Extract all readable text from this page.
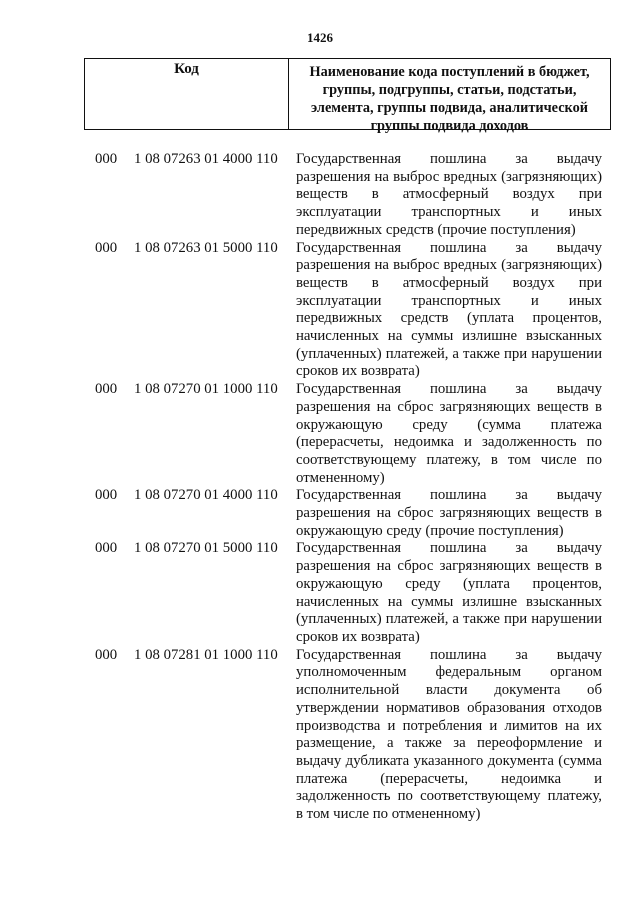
1426
Код	Наименование кода поступлений в бюджет, группы, подгруппы, статьи, подстатьи, элемента, группы подвида, аналитической группы подвида доходов
000 1 08 07263 01 4000 110 Государственная пошлина за выдачу разрешения на выброс вредных (загрязняющих) веществ в атмосферный воздух при эксплуатации транспортных и иных передвижных средств (прочие поступления)
000 1 08 07263 01 5000 110 Государственная пошлина за выдачу разрешения на выброс вредных (загрязняющих) веществ в атмосферный воздух при эксплуатации транспортных и иных передвижных средств (уплата процентов, начисленных на суммы излишне взысканных (уплаченных) платежей, а также при нарушении сроков их возврата)
000 1 08 07270 01 1000 110 Государственная пошлина за выдачу разрешения на сброс загрязняющих веществ в окружающую среду (сумма платежа (перерасчеты, недоимка и задолженность по соответствующему платежу, в том числе по отмененному)
000 1 08 07270 01 4000 110 Государственная пошлина за выдачу разрешения на сброс загрязняющих веществ в окружающую среду (прочие поступления)
000 1 08 07270 01 5000 110 Государственная пошлина за выдачу разрешения на сброс загрязняющих веществ в окружающую среду (уплата процентов, начисленных на суммы излишне взысканных (уплаченных) платежей, а также при нарушении сроков их возврата)
000 1 08 07281 01 1000 110 Государственная пошлина за выдачу уполномоченным федеральным органом исполнительной власти документа об утверждении нормативов образования отходов производства и потребления и лимитов на их размещение, а также за переоформление и выдачу дубликата указанного документа (сумма платежа (перерасчеты, недоимка и задолженность по соответствующему платежу, в том числе по отмененному)
